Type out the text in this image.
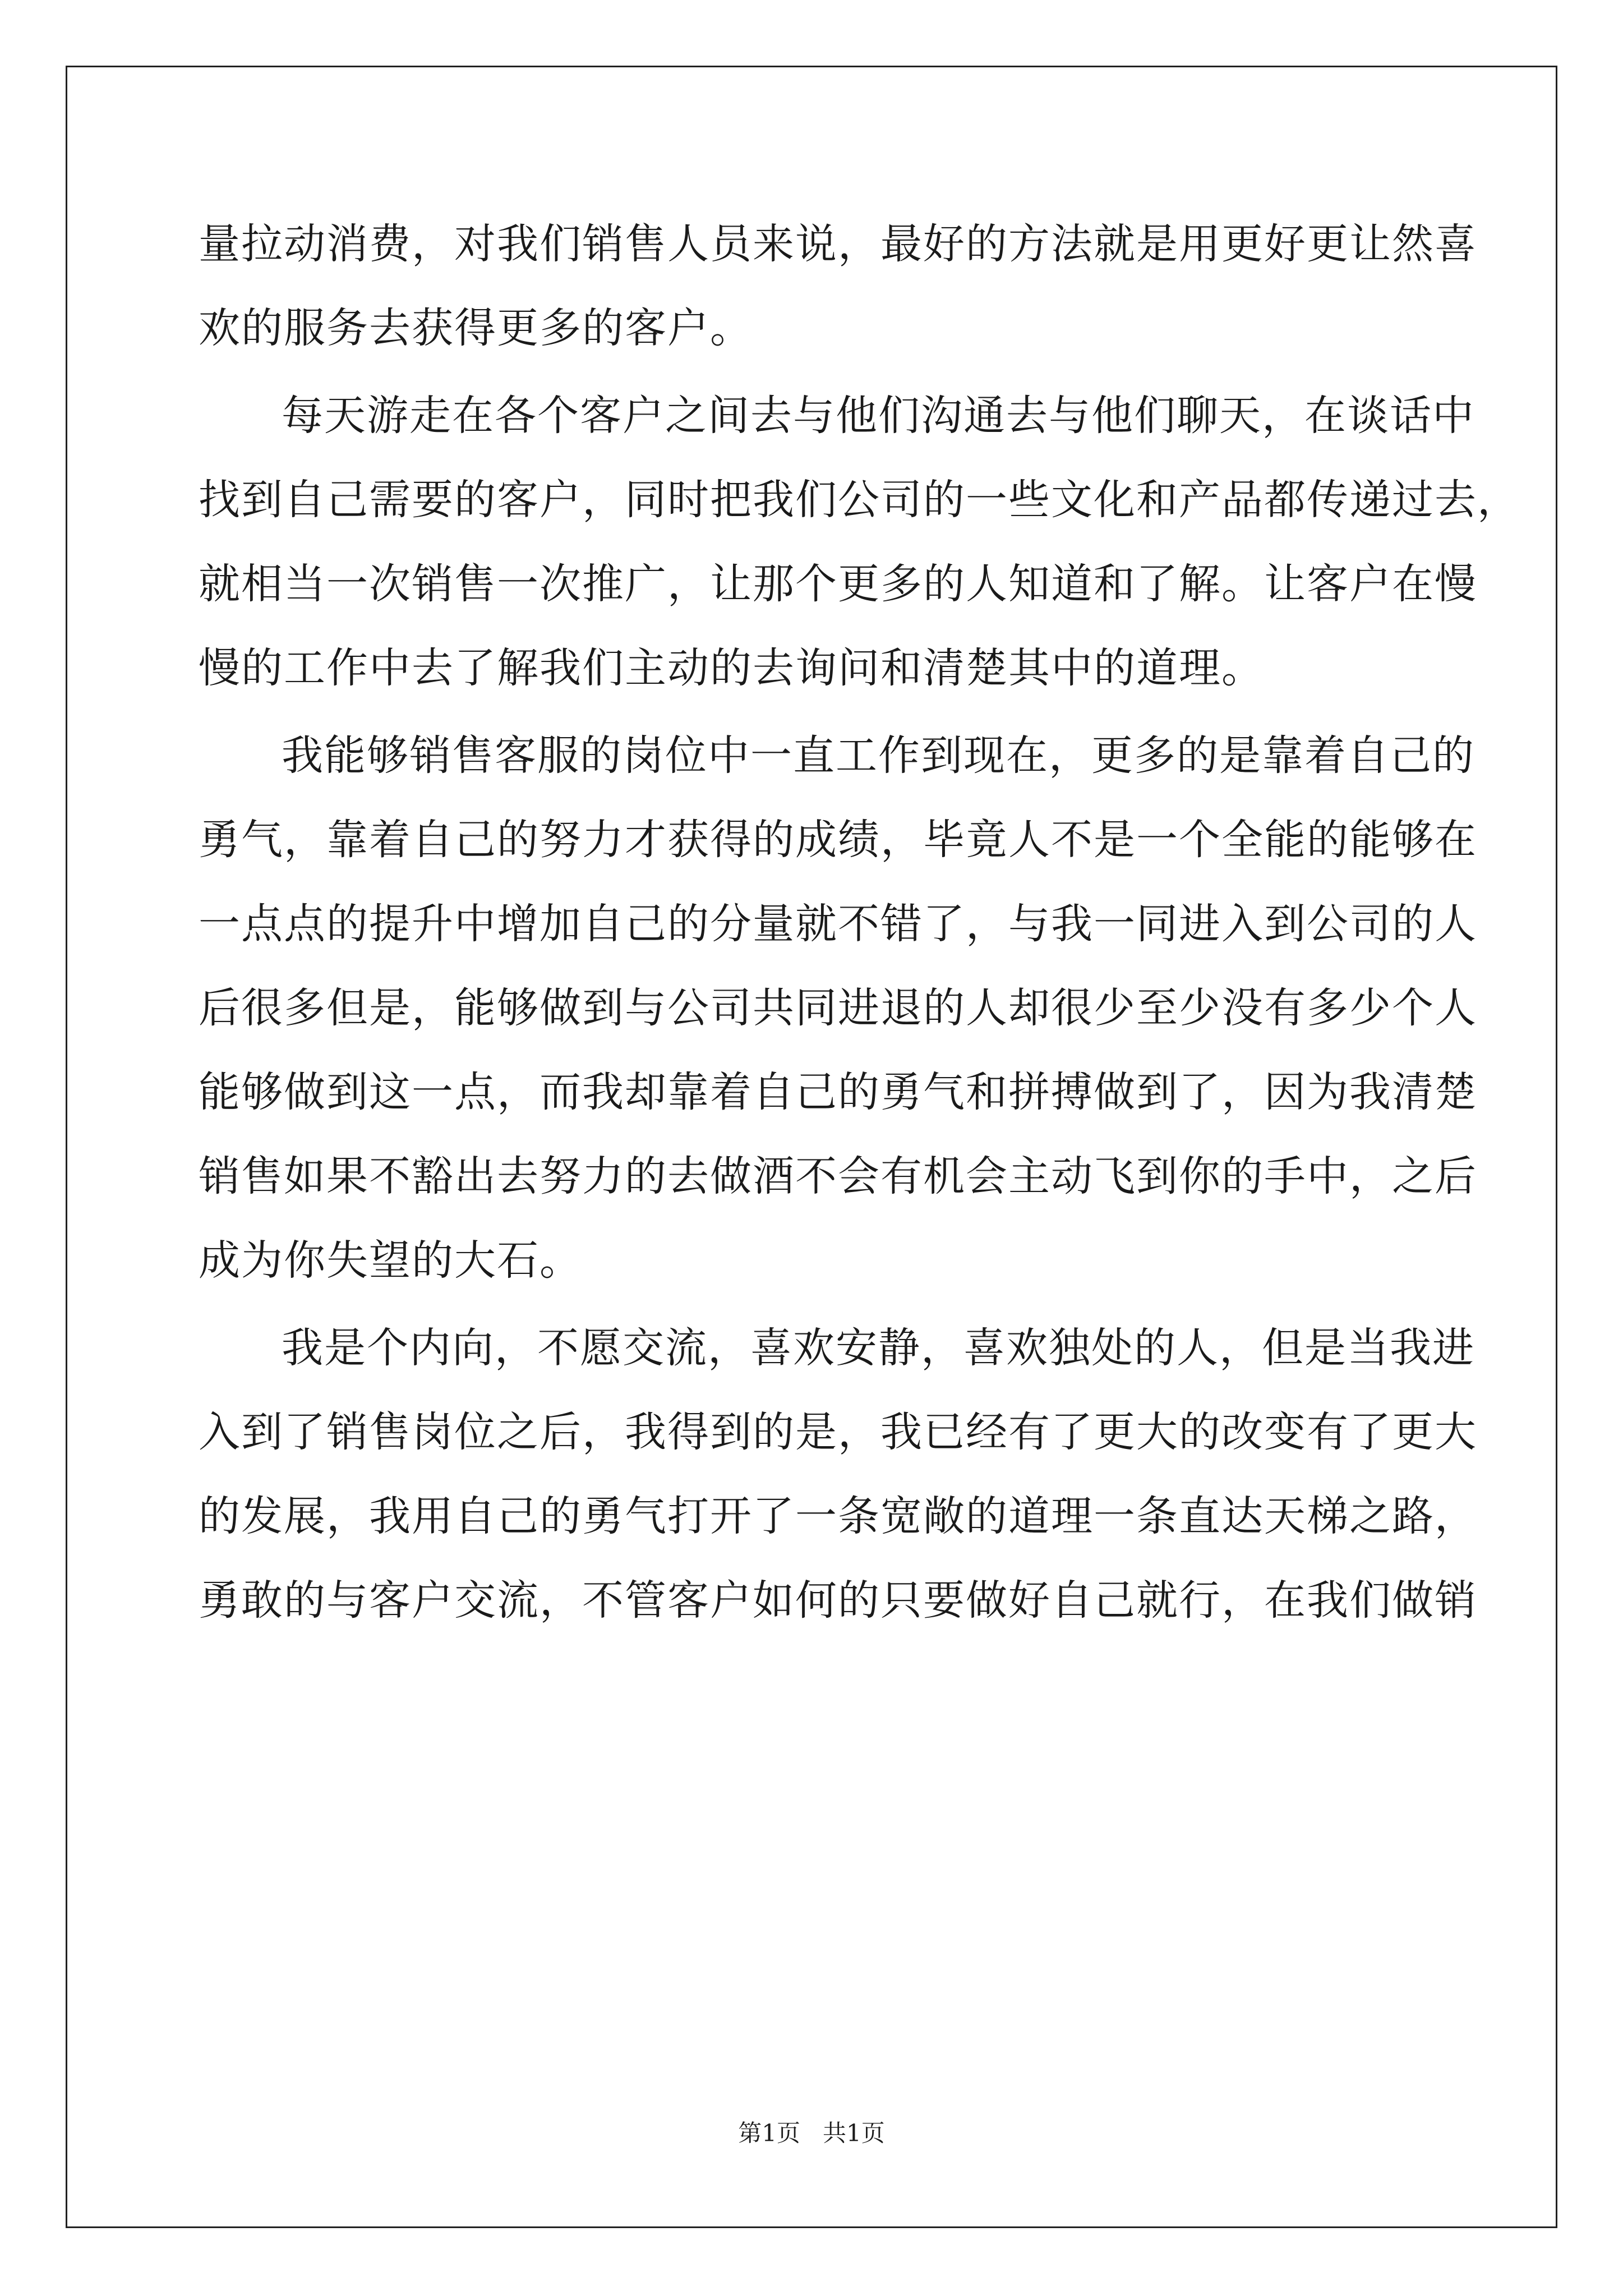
量拉动消费，对我们销售人员来说，最好的方法就是用更好更让然喜
欢的服务去获得更多的客户。
每天游走在各个客户之间去与他们沟通去与他们聊天，在谈话中
找到自己需要的客户，同时把我们公司的一些文化和产品都传递过去，
就相当一次销售一次推广，让那个更多的人知道和了解。让客户在慢
慢的工作中去了解我们主动的去询问和清楚其中的道理。
我能够销售客服的岗位中一直工作到现在，更多的是靠着自己的
勇气，靠着自己的努力才获得的成绩，毕竟人不是一个全能的能够在
一点点的提升中增加自己的分量就不错了，与我一同进入到公司的人
后很多但是，能够做到与公司共同进退的人却很少至少没有多少个人
能够做到这一点，而我却靠着自己的勇气和拼搏做到了，因为我清楚
销售如果不豁出去努力的去做酒不会有机会主动飞到你的手中，之后
成为你失望的大石。
我是个内向，不愿交流，喜欢安静，喜欢独处的人，但是当我进
入到了销售岗位之后，我得到的是，我已经有了更大的改变有了更大
的发展，我用自己的勇气打开了一条宽敞的道理一条直达天梯之路，
勇敢的与客户交流，不管客户如何的只要做好自己就行，在我们做销
第1页 共1页
